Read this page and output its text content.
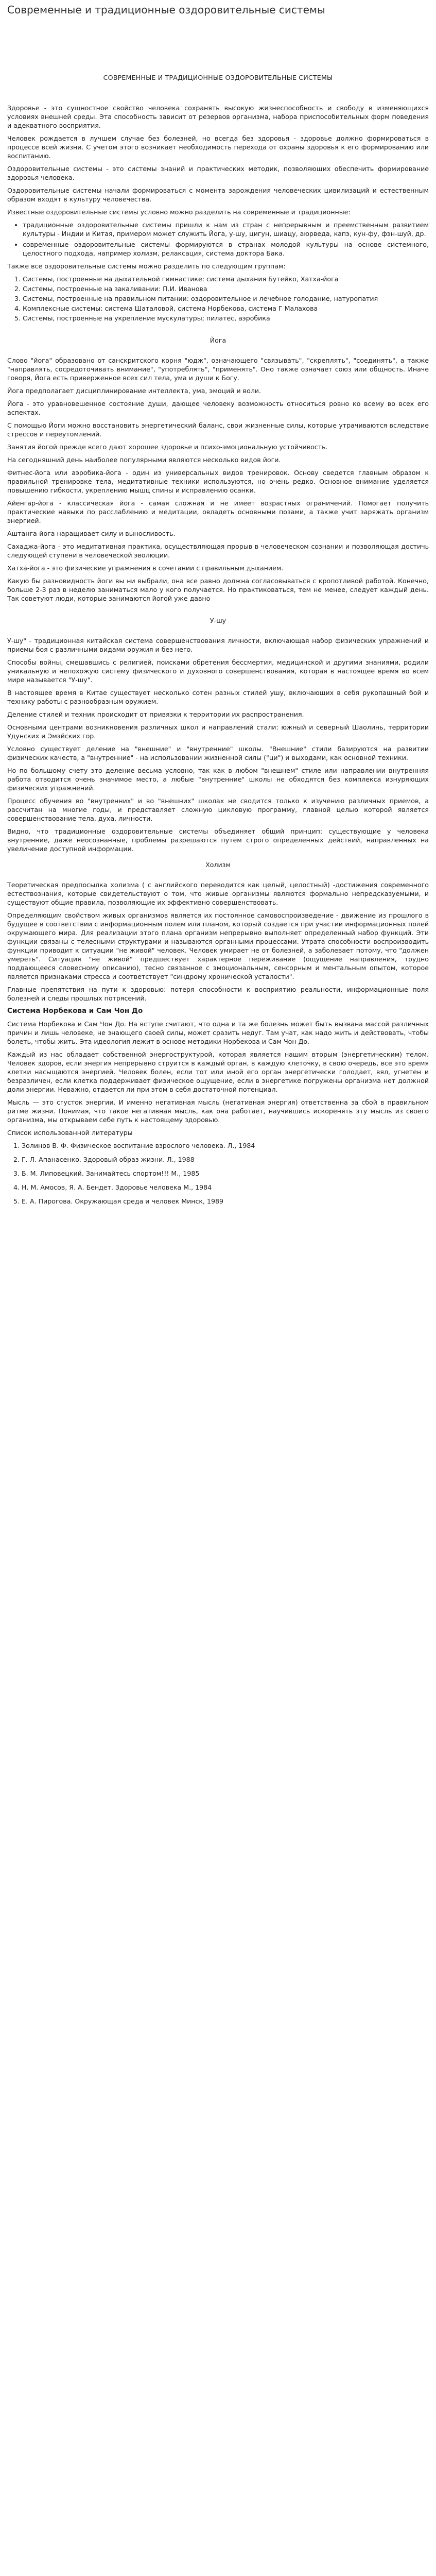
Современные и традиционные оздоровительные системы

СОВРЕМЕННЫЕ И ТРАДИЦИОННЫЕ ОЗДОРОВИТЕЛЬНЫЕ СИСТЕМЫ

Здоровье - это сущностное свойство человека сохранять высокую жизнеспособность и свободу в изменяющихся условиях внешней среды. Эта способность зависит от резервов организма, набора приспособительных форм поведения и адекватного восприятия.

Человек рождается в лучшем случае без болезней, но всегда без здоровья - здоровье должно формироваться в процессе всей жизни. С учетом этого возникает необходимость перехода от охраны здоровья к его формированию или воспитанию.

Оздоровительные системы - это системы знаний и практических методик, позволяющих обеспечить формирование здоровья человека.

Оздоровительные системы начали формироваться с момента зарождения человеческих цивилизаций и естественным образом входят в культуру человечества.

Известные оздоровительные системы условно можно разделить на современные и традиционные:

• традиционные оздоровительные системы пришли к нам из стран с непрерывным и преемственным развитием культуры - Индии и Китая, примером может служить Йога, у-шу, цигун, шиацу, аюрведа, капэ, кун-фу, фэн-шуй, др.
• современные оздоровительные системы формируются в странах молодой культуры на основе системного, целостного подхода, например холизм, релаксация, система доктора Бака.

Также все оздоровительные системы можно разделить по следующим группам:

1. Системы, построенные на дыхательной гимнастике: система дыхания Бутейко, Хатха-йога
2. Системы, построенные на закаливании: П.И. Иванова
3. Системы, построенные на правильном питании: оздоровительное и лечебное голодание, натуропатия
4. Комплексные системы: система Шаталовой, система Норбекова, система Г Малахова
5. Системы, построенные на укрепление мускулатуры; пилатес, аэробика

Йога

Слово "йога" образовано от санскритского корня "юдж", означающего "связывать", "скреплять", "соединять", а также "направлять, сосредоточивать внимание", "употреблять", "применять". Оно также означает союз или общность. Иначе говоря, Йога есть приверженное всех сил тела, ума и души к Богу.

Йога предполагает дисциплинирование интеллекта, ума, эмоций и воли.

Йога - это уравновешенное состояние души, дающее человеку возможность относиться ровно ко всему во всех его аспектах.

С помощью Йоги можно восстановить энергетический баланс, свои жизненные силы, которые утрачиваются вследствие стрессов и переутомлений.

Занятия йогой прежде всего дают хорошее здоровье и психо-эмоциональную устойчивость.

На сегодняшний день наиболее популярными являются несколько видов йоги.

Фитнес-йога или аэробика-йога - один из универсальных видов тренировок. Основу сведется главным образом к правильной тренировке тела, медитативные техники используются, но очень редко. Основное внимание уделяется повышению гибкости, укреплению мышц спины и исправлению осанки.

Айенгар-йога - классическая йога - самая сложная и не имеет возрастных ограничений. Помогает получить практические навыки по расслаблению и медитации, овладеть основными позами, а также учит заряжать организм энергией.

Аштанга-йога наращивает силу и выносливость.

Сахаджа-йога - это медитативная практика, осуществляющая прорыв в человеческом сознании и позволяющая достичь следующей ступени в человеческой эволюции.

Хатха-йога - это физические упражнения в сочетании с правильным дыханием.

Какую бы разновидность йоги вы ни выбрали, она все равно должна согласовываться с кропотливой работой. Конечно, больше 2-3 раз в неделю заниматься мало у кого получается. Но практиковаться, тем не менее, следует каждый день. Так советуют люди, которые занимаются йогой уже давно

У-шу

У-шу" - традиционная китайская система совершенствования личности, включающая набор физических упражнений и приемы боя с различными видами оружия и без него.

Способы войны, смешавшись с религией, поисками обретения бессмертия, медицинской и другими знаниями, родили уникальную и непохожую систему физического и духовного совершенствования, которая в настоящее время во всем мире называется "У-шу".

В настоящее время в Китае существует несколько сотен разных стилей ушу, включающих в себя рукопашный бой и технику работы с разнообразным оружием.

Деление стилей и техник происходит от привязки к территории их распространения.

Основными центрами возникновения различных школ и направлений стали: южный и северный Шаолинь, территории Удунских и Эмэйских гор.

Условно существует деление на "внешние" и "внутренние" школы. "Внешние" стили базируются на развитии физических качеств, а "внутренние" - на использовании жизненной силы ("ци") и выходами, как основной техники.

Но по большому счету это деление весьма условно, так как в любом "внешнем" стиле или направлении внутренняя работа отводится очень значимое место, а любые "внутренние" школы не обходятся без комплекса изнуряющих физических упражнений.

Процесс обучения во "внутренних" и во "внешних" школах не сводится только к изучению различных приемов, а рассчитан на многие годы, и представляет сложную цикловую программу, главной целью которой является совершенствование тела, духа, личности.

Видно, что традиционные оздоровительные системы объединяет общий принцип: существующие у человека внутренние, даже неосознанные, проблемы разрешаются путем строго определенных действий, направленных на увеличение доступной информации.

Холизм

Теоретическая предпосылка холизма ( с английского переводится как целый, целостный) -достижения современного естествознания, которые свидетельствуют о том, что живые организмы являются формально непредсказуемыми, и существуют общие правила, позволяющие их эффективно совершенствовать.

Определяющим свойством живых организмов является их постоянное самовоспроизведение - движение из прошлого в будущее в соответствии с информационным полем или планом, который создается при участии информационных полей окружающего мира. Для реализации этого плана организм непрерывно выполняет определенный набор функций. Эти функции связаны с телесными структурами и называются органными процессами. Утрата способности воспроизводить функции приводит к ситуации "не живой" человек. Человек умирает не от болезней, а заболевает потому, что "должен умереть". Ситуация "не живой" предшествует характерное переживание (ощущение направления, трудно поддающееся словесному описанию), тесно связанное с эмоциональным, сенсорным и ментальным опытом, которое является признаками стресса и соответствует "синдрому хронической усталости".

Главные препятствия на пути к здоровью: потеря способности к восприятию реальности, информационные поля болезней и следы прошлых потрясений.

Система Норбекова и Сам Чон До

Система Норбекова и Сам Чон До. На вступе считают, что одна и та же болезнь может быть вызвана массой различных причин и лишь человеке, не знающего своей силы, может сразить недуг. Там учат, как надо жить и действовать, чтобы болеть, чтобы жить. Эта идеология лежит в основе методики Норбекова и Сам Чон До.

Каждый из нас обладает собственной энергоструктурой, которая является нашим вторым (энергетическим) телом. Человек здоров, если энергия непрерывно струится в каждый орган, в каждую клеточку, в свою очередь, все это время клетки насыщаются энергией. Человек болен, если тот или иной его орган энергетически голодает, вял, угнетен и безразличен, если клетка поддерживает физическое ощущение, если в энергетике погружены организма нет должной доли энергии. Неважно, отдается ли при этом в себя достаточной потенциал.

Мысль — это сгусток энергии. И именно негативная мысль (негативная энергия) ответственна за сбой в правильном ритме жизни. Понимая, что такое негативная мысль, как она работает, научившись искоренять эту мысль из своего организма, мы открываем себе путь к настоящему здоровью.

Список использованной литературы

1. Золинов В. Ф. Физическое воспитание взрослого человека. Л., 1984
2. Г. Л. Апанасенко. Здоровый образ жизни. Л., 1988
3. Б. М. Липовецкий. Занимайтесь спортом!!! М., 1985
4. Н. М. Амосов, Я. А. Бендет. Здоровье человека М., 1984
5. Е. А. Пирогова. Окружающая среда и человек Минск, 1989
